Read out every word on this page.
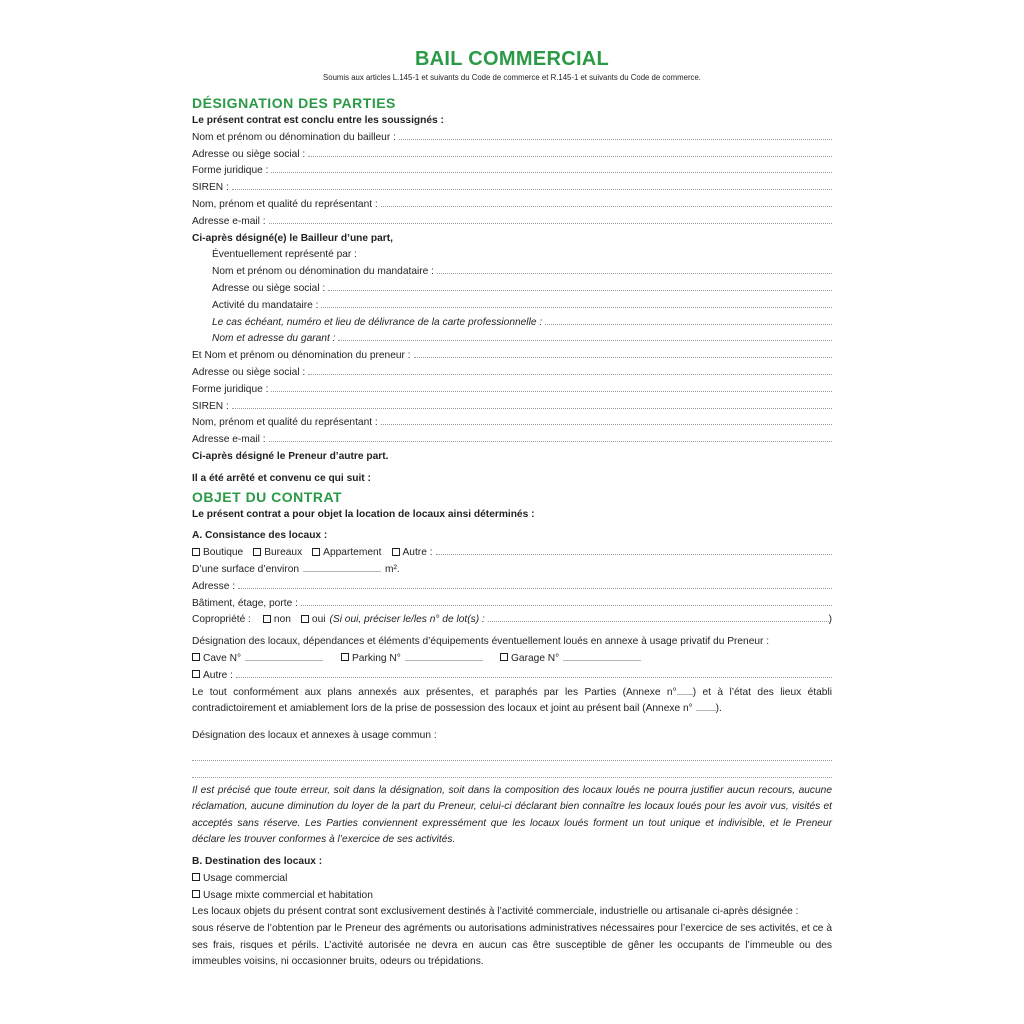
BAIL COMMERCIAL
Soumis aux articles L.145-1 et suivants du Code de commerce et R.145-1 et suivants du Code de commerce.
DÉSIGNATION DES PARTIES
Le présent contrat est conclu entre les soussignés :
Nom et prénom ou dénomination du bailleur :
Adresse ou siège social :
Forme juridique :
SIREN :
Nom, prénom et qualité du représentant :
Adresse e-mail :
Ci-après désigné(e) le Bailleur d’une part,
Éventuellement représenté par :
Nom et prénom ou dénomination du mandataire :
Adresse ou siège social :
Activité du mandataire :
Le cas échéant, numéro et lieu de délivrance de la carte professionnelle :
Nom et adresse du garant :
Et Nom et prénom ou dénomination du preneur :
Adresse ou siège social :
Forme juridique :
SIREN :
Nom, prénom et qualité du représentant :
Adresse e-mail :
Ci-après désigné le Preneur d’autre part.
Il a été arrêté et convenu ce qui suit :
OBJET DU CONTRAT
Le présent contrat a pour objet la location de locaux ainsi déterminés :
A. Consistance des locaux :
Boutique	Bureaux	Appartement	Autre :
D’une surface d’environ	m².
Adresse :
Bâtiment, étage, porte :
Copropriété :	non	oui (Si oui, préciser le/les n° de lot(s) :	)
Désignation des locaux, dépendances et éléments d’équipements éventuellement loués en annexe à usage privatif du Preneur :
Cave N°	Parking N°	Garage N°
Autre :
Le tout conformément aux plans annexés aux présentes, et paraphés par les Parties (Annexe n° ) et à l’état des lieux établi contradictoirement et amiablement lors de la prise de possession des locaux et joint au présent bail (Annexe n° ).
Désignation des locaux et annexes à usage commun :
Il est précisé que toute erreur, soit dans la désignation, soit dans la composition des locaux loués ne pourra justifier aucun recours, aucune réclamation, aucune diminution du loyer de la part du Preneur, celui-ci déclarant bien connaître les locaux loués pour les avoir vus, visités et acceptés sans réserve. Les Parties conviennent expressément que les locaux loués forment un tout unique et indivisible, et le Preneur déclare les trouver conformes à l’exercice de ses activités.
B. Destination des locaux :
Usage commercial
Usage mixte commercial et habitation
Les locaux objets du présent contrat sont exclusivement destinés à l’activité commerciale, industrielle ou artisanale ci-après désignée :
sous réserve de l’obtention par le Preneur des agréments ou autorisations administratives nécessaires pour l’exercice de ses activités, et ce à ses frais, risques et périls. L’activité autorisée ne devra en aucun cas être susceptible de gêner les occupants de l’immeuble ou des immeubles voisins, ni occasionner bruits, odeurs ou trépidations.
